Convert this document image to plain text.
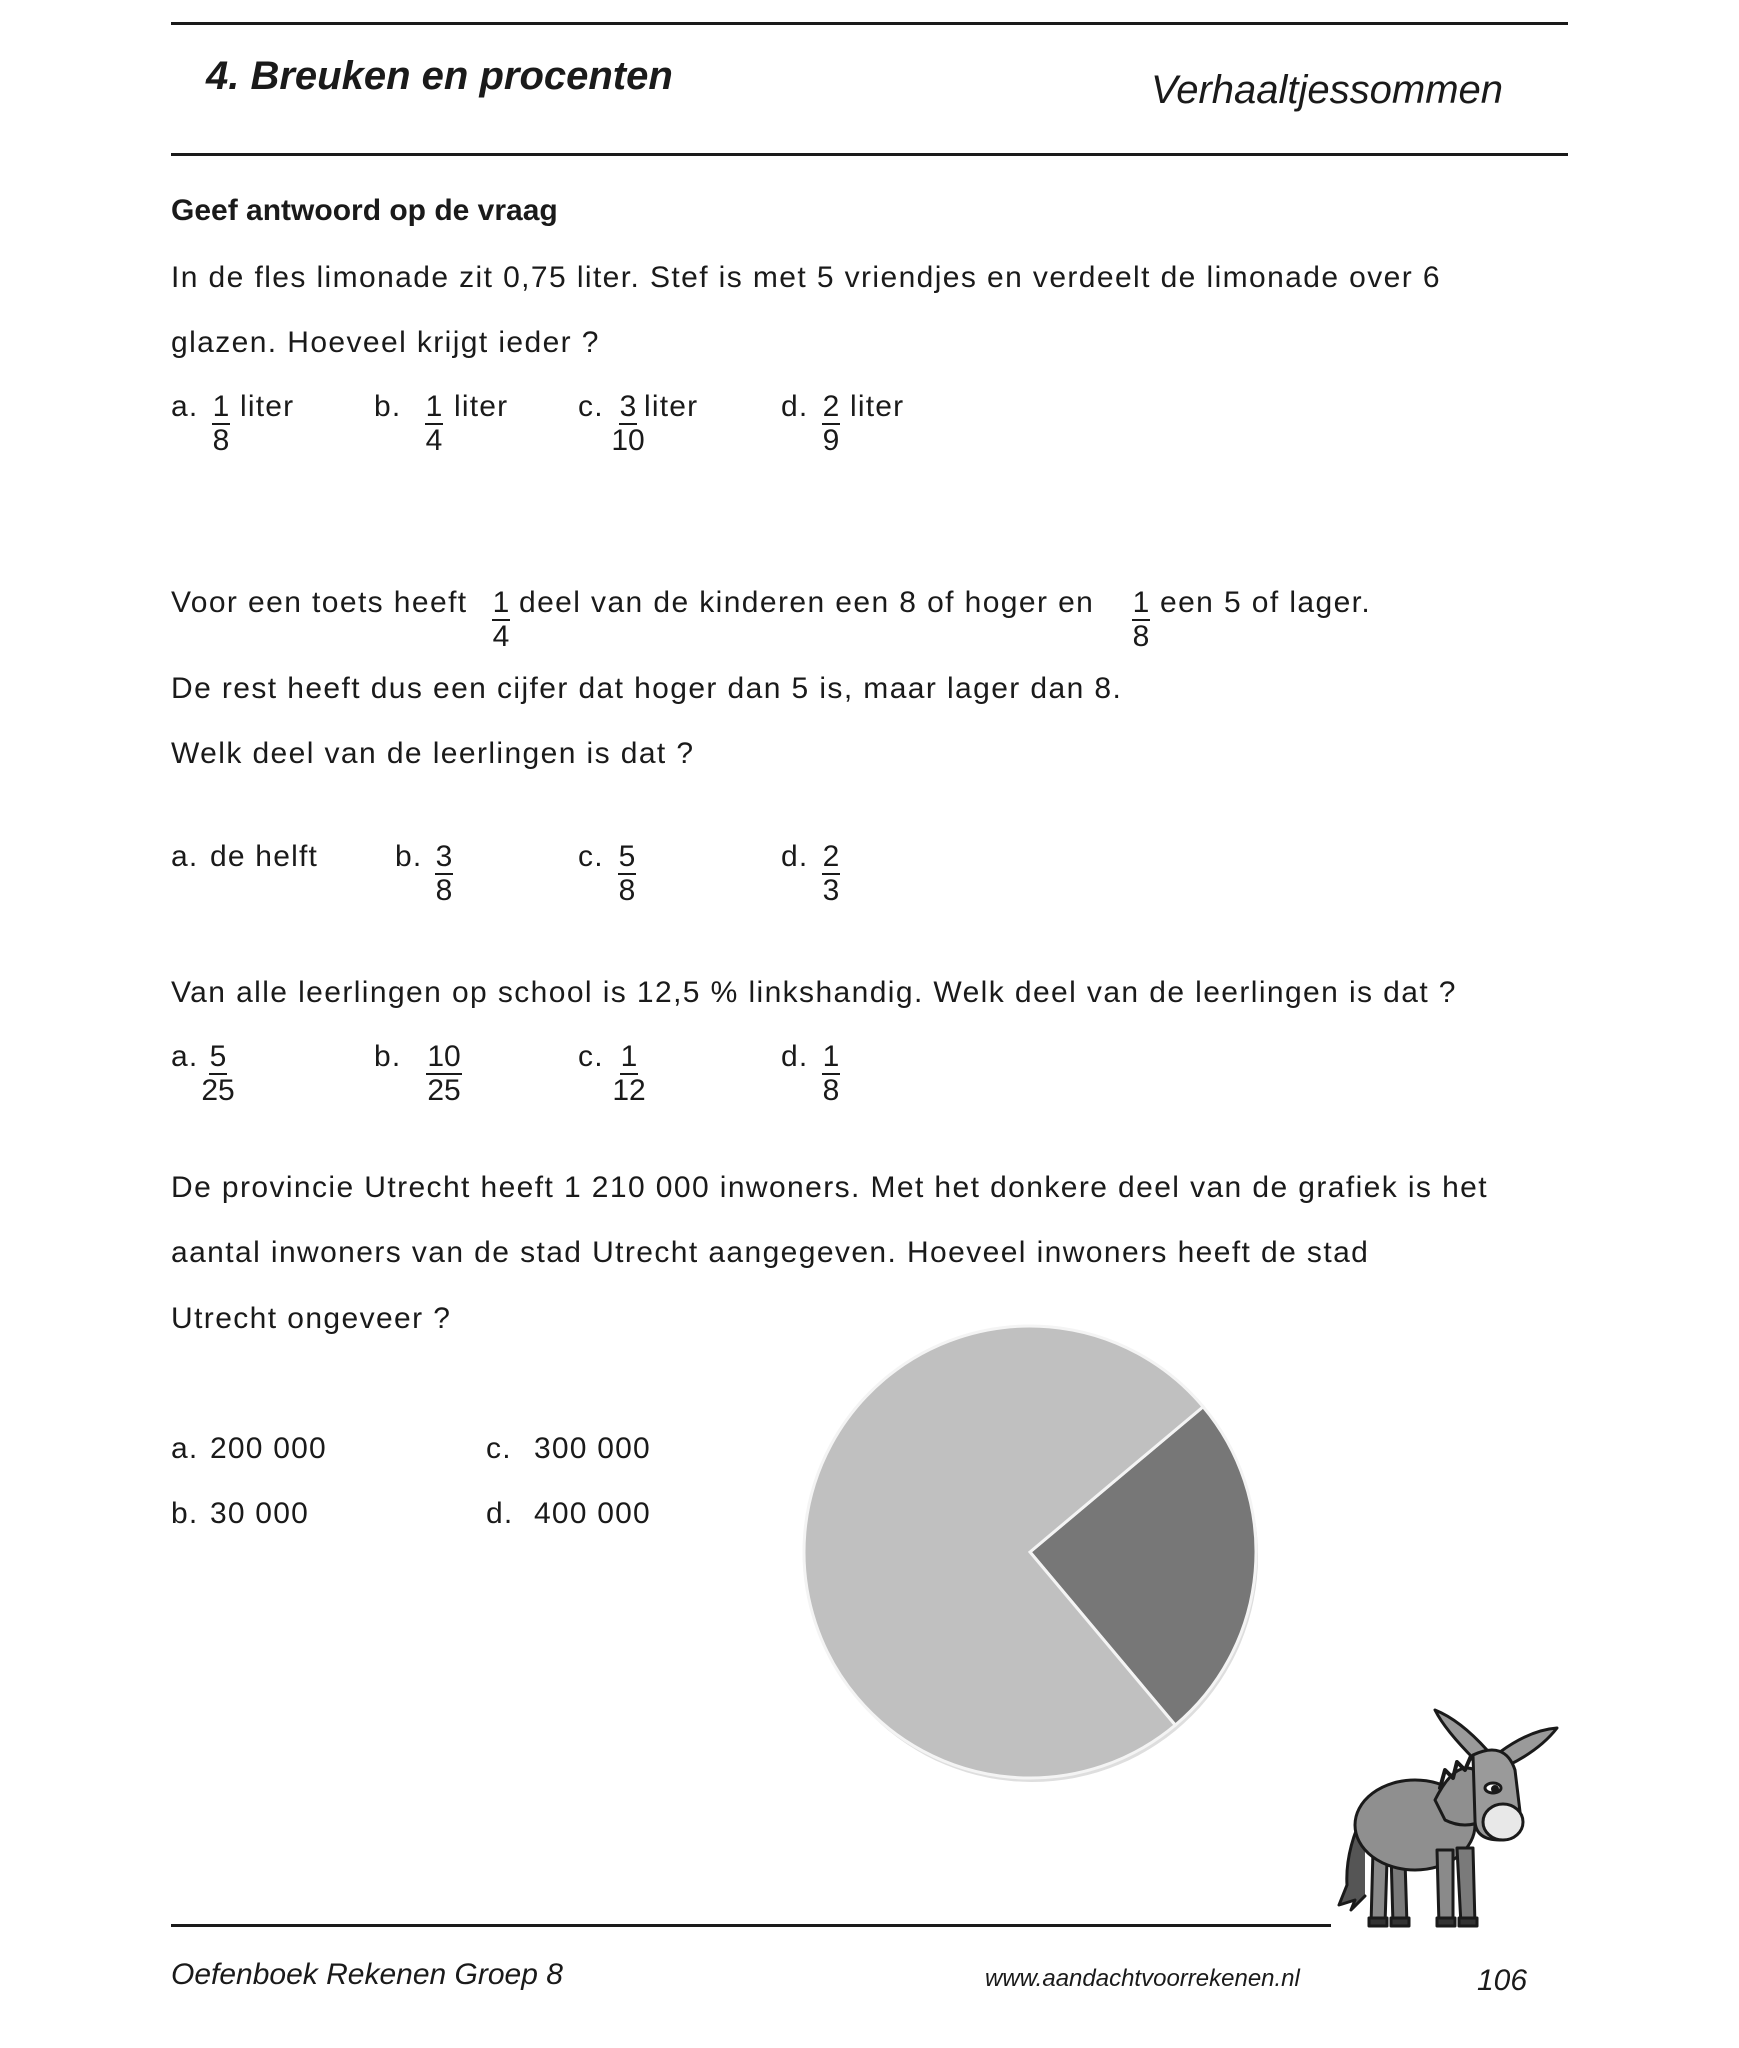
4. Breuken en procenten	Verhaaltjessommen
Geef antwoord op de vraag
In de fles limonade zit 0,75 liter. Stef is met 5 vriendjes en verdeelt de limonade over 6
glazen. Hoeveel krijgt ieder ?
a. 1
8
liter	b. 1
4
liter c. 3
10
liter	d. 2
9
liter
Voor een toets heeft 1
4
deel van de kinderen een 8 of hoger en 1
8
een 5 of lager.
De rest heeft dus een cijfer dat hoger dan 5 is, maar lager dan 8.
Welk deel van de leerlingen is dat ?
a. de helft	b. 3
8
c. 5
8
d. 2
3
Van alle leerlingen op school is 12,5 % linkshandig. Welk deel van de leerlingen is dat ?
a. 5
25
b. 10
25
c. 1
12
d. 1
8
De provincie Utrecht heeft 1 210 000 inwoners. Met het donkere deel van de grafiek is het
aantal inwoners van de stad Utrecht aangegeven. Hoeveel inwoners heeft de stad
Utrecht ongeveer ?
a. 200 000	c. 300 000
b. 30 000	d. 400 000
Oefenboek Rekenen Groep 8	www.aandachtvoorrekenen.nl	106
